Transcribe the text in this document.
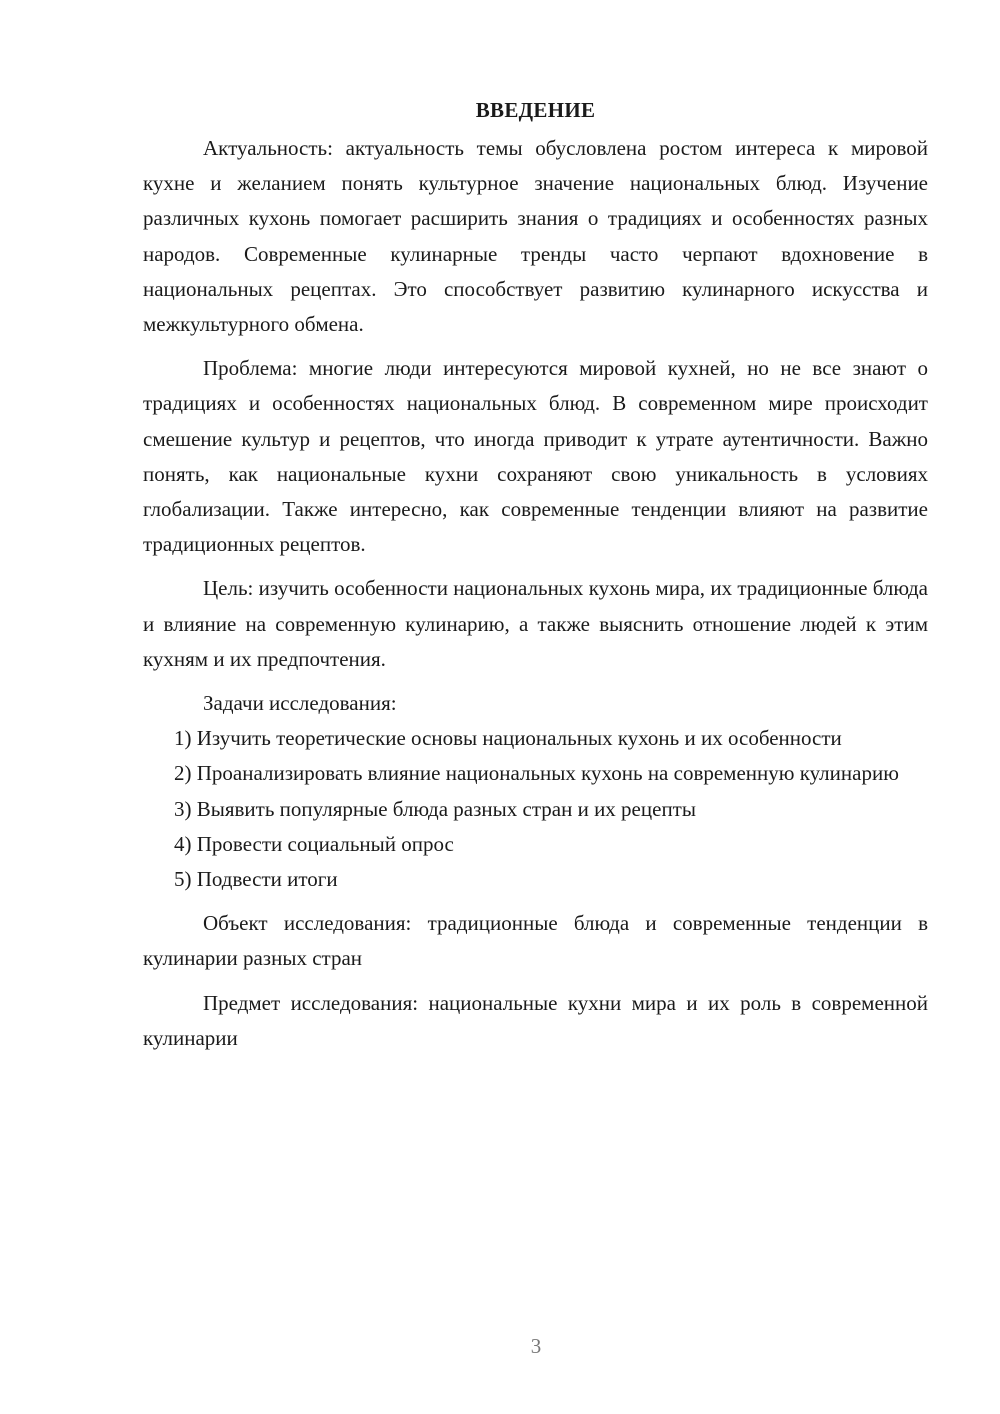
ВВЕДЕНИЕ

Актуальность: актуальность темы обусловлена ростом интереса к мировой кухне и желанием понять культурное значение национальных блюд. Изучение различных кухонь помогает расширить знания о традициях и особенностях разных народов. Современные кулинарные тренды часто черпают вдохновение в национальных рецептах. Это способствует развитию кулинарного искусства и межкультурного обмена.

Проблема: многие люди интересуются мировой кухней, но не все знают о традициях и особенностях национальных блюд. В современном мире происходит смешение культур и рецептов, что иногда приводит к утрате аутентичности. Важно понять, как национальные кухни сохраняют свою уникальность в условиях глобализации. Также интересно, как современные тенденции влияют на развитие традиционных рецептов.

Цель: изучить особенности национальных кухонь мира, их традиционные блюда и влияние на современную кулинарию, а также выяснить отношение людей к этим кухням и их предпочтения.

Задачи исследования:

1) Изучить теоретические основы национальных кухонь и их особенности

2) Проанализировать влияние национальных кухонь на современную кулинарию

3) Выявить популярные блюда разных стран и их рецепты

4) Провести социальный опрос

5) Подвести итоги

Объект исследования: традиционные блюда и современные тенденции в кулинарии разных стран

Предмет исследования: национальные кухни мира и их роль в современной кулинарии

3
